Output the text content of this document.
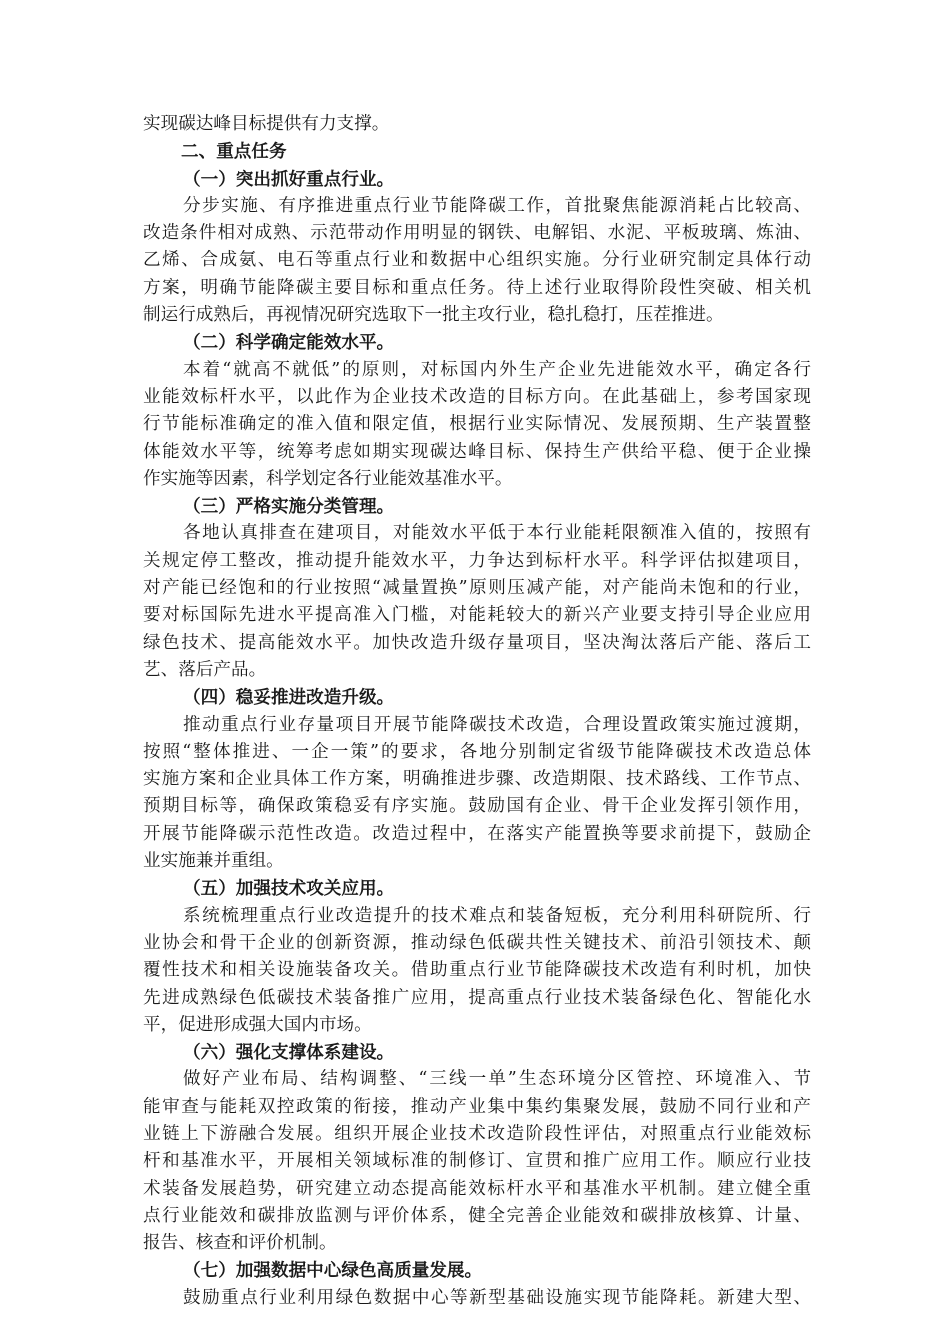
实现碳达峰目标提供有力支撑。
二、重点任务
（一）突出抓好重点行业。
分步实施、有序推进重点行业节能降碳工作，首批聚焦能源消耗占比较高、
改造条件相对成熟、示范带动作用明显的钢铁、电解铝、水泥、平板玻璃、炼油、
乙烯、合成氨、电石等重点行业和数据中心组织实施。分行业研究制定具体行动
方案，明确节能降碳主要目标和重点任务。待上述行业取得阶段性突破、相关机
制运行成熟后，再视情况研究选取下一批主攻行业，稳扎稳打，压茬推进。
（二）科学确定能效水平。
本着“就高不就低”的原则，对标国内外生产企业先进能效水平，确定各行
业能效标杆水平，以此作为企业技术改造的目标方向。在此基础上，参考国家现
行节能标准确定的准入值和限定值，根据行业实际情况、发展预期、生产装置整
体能效水平等，统筹考虑如期实现碳达峰目标、保持生产供给平稳、便于企业操
作实施等因素，科学划定各行业能效基准水平。
（三）严格实施分类管理。
各地认真排查在建项目，对能效水平低于本行业能耗限额准入值的，按照有
关规定停工整改，推动提升能效水平，力争达到标杆水平。科学评估拟建项目，
对产能已经饱和的行业按照“减量置换”原则压减产能，对产能尚未饱和的行业，
要对标国际先进水平提高准入门槛，对能耗较大的新兴产业要支持引导企业应用
绿色技术、提高能效水平。加快改造升级存量项目，坚决淘汰落后产能、落后工
艺、落后产品。
（四）稳妥推进改造升级。
推动重点行业存量项目开展节能降碳技术改造，合理设置政策实施过渡期，
按照“整体推进、一企一策”的要求，各地分别制定省级节能降碳技术改造总体
实施方案和企业具体工作方案，明确推进步骤、改造期限、技术路线、工作节点、
预期目标等，确保政策稳妥有序实施。鼓励国有企业、骨干企业发挥引领作用，
开展节能降碳示范性改造。改造过程中，在落实产能置换等要求前提下，鼓励企
业实施兼并重组。
（五）加强技术攻关应用。
系统梳理重点行业改造提升的技术难点和装备短板，充分利用科研院所、行
业协会和骨干企业的创新资源，推动绿色低碳共性关键技术、前沿引领技术、颠
覆性技术和相关设施装备攻关。借助重点行业节能降碳技术改造有利时机，加快
先进成熟绿色低碳技术装备推广应用，提高重点行业技术装备绿色化、智能化水
平，促进形成强大国内市场。
（六）强化支撑体系建设。
做好产业布局、结构调整、“三线一单”生态环境分区管控、环境准入、节
能审查与能耗双控政策的衔接，推动产业集中集约集聚发展，鼓励不同行业和产
业链上下游融合发展。组织开展企业技术改造阶段性评估，对照重点行业能效标
杆和基准水平，开展相关领域标准的制修订、宣贯和推广应用工作。顺应行业技
术装备发展趋势，研究建立动态提高能效标杆水平和基准水平机制。建立健全重
点行业能效和碳排放监测与评价体系，健全完善企业能效和碳排放核算、计量、
报告、核查和评价机制。
（七）加强数据中心绿色高质量发展。
鼓励重点行业利用绿色数据中心等新型基础设施实现节能降耗。新建大型、
